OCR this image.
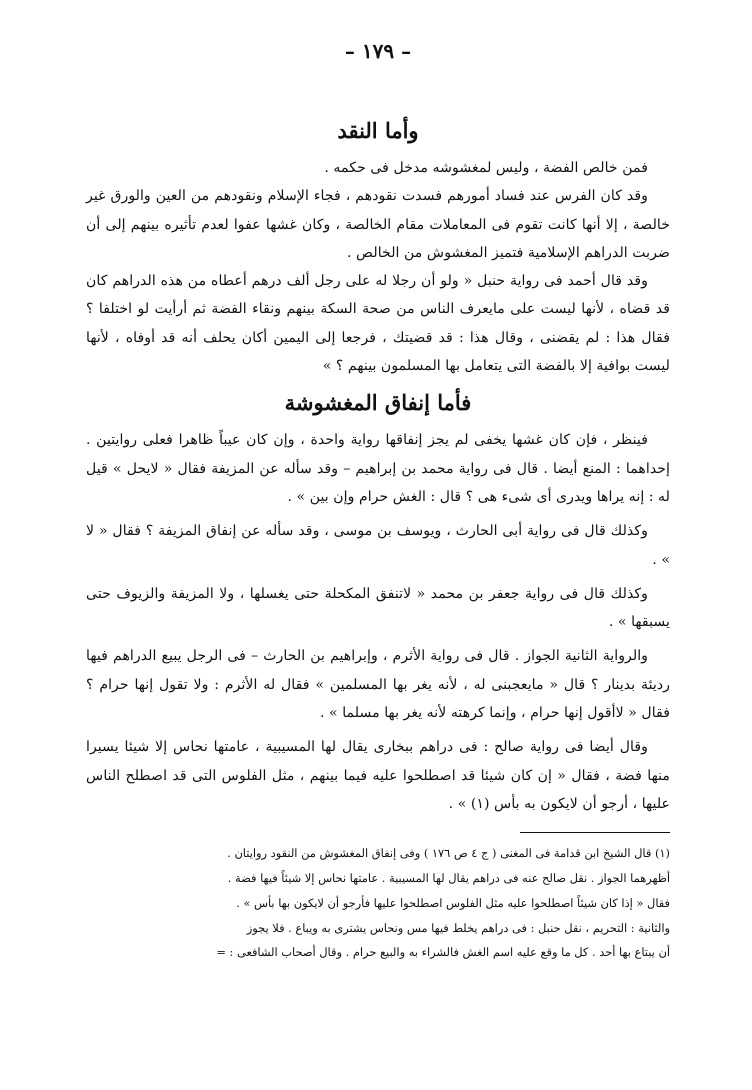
– ١٧٩ –
وأما النقد

فمن خالص الفضة ، وليس لمغشوشه مدخل فى حكمه .

وقد كان الفرس عند فساد أمورهم فسدت نقودهم ، فجاء الإسلام ونقودهم من العين والورق غير خالصة ، إلا أنها كانت تقوم فى المعاملات مقام الخالصة ، وكان غشها عفوا لعدم تأثيره بينهم إلى أن ضربت الدراهم الإسلامية فتميز المغشوش من الخالص .

وقد قال أحمد فى رواية حنبل « ولو أن رجلا له على رجل ألف درهم أعطاه من هذه الدراهم كان قد قضاه ، لأنها ليست على مايعرف الناس من صحة السكة بينهم ونقاء الفضة ثم أرأيت لو اختلفا ؟ فقال هذا : لم يقضنى ، وقال هذا : قد قضيتك ، فرجعا إلى اليمين أكان يحلف أنه قد أوفاه ، لأنها ليست بوافية إلا بالفضة التى يتعامل بها المسلمون بينهم ؟ »

فأما إنفاق المغشوشة

فينظر ، فإن كان غشها يخفى لم يجز إنفاقها رواية واحدة ، وإن كان عيباً ظاهرا فعلى روايتين . إحداهما : المنع أيضا . قال فى رواية محمد بن إبراهيم – وقد سأله عن المزيفة فقال « لايحل » قيل له : إنه يراها ويدرى أى شىء هى ؟ قال : الغش حرام وإن بين » .

وكذلك قال فى رواية أبى الحارث ، ويوسف بن موسى ، وقد سأله عن إنفاق المزيفة ؟ فقال « لا » .

وكذلك قال فى رواية جعفر بن محمد « لاتنفق المكحلة حتى يغسلها ، ولا المزيفة والزيوف حتى يسبقها » .

والرواية الثانية الجواز . قال فى رواية الأثرم ، وإبراهيم بن الحارث – فى الرجل يبيع الدراهم فيها رديئة بدينار ؟ قال « مايعجبنى له ، لأنه يغر بها المسلمين » فقال له الأثرم : ولا تقول إنها حرام ؟ فقال « لاأقول إنها حرام ، وإنما كرهته لأنه يغر بها مسلما » .

وقال أيضا فى رواية صالح : فى دراهم ببخارى يقال لها المسيبية ، عامتها نحاس إلا شيئا يسيرا منها فضة ، فقال « إن كان شيئا قد اصطلحوا عليه فيما بينهم ، مثل الفلوس التى قد اصطلح الناس عليها ، أرجو أن لايكون به بأس (١) » .

(١) قال الشيخ ابن قدامة فى المغنى ( ج ٤ ص ١٧٦ ) وفى إنفاق المغشوش من النقود روايتان .

أظهرهما الجواز . نقل صالح عنه فى دراهم يقال لها المسيبية . عامتها نحاس إلا شيئاً فيها فضة .

فقال « إذا كان شيئاً اصطلحوا عليه مثل الفلوس اصطلحوا عليها فأرجو أن لايكون بها بأس » .

والثانية : التحريم ، نقل حنبل : فى دراهم يخلط فيها مس ونحاس يشترى به ويباع . فلا يجوز

أن يبتاع بها أحد . كل ما وقع عليه اسم الغش فالشراء به والبيع حرام . وقال أصحاب الشافعى : =
